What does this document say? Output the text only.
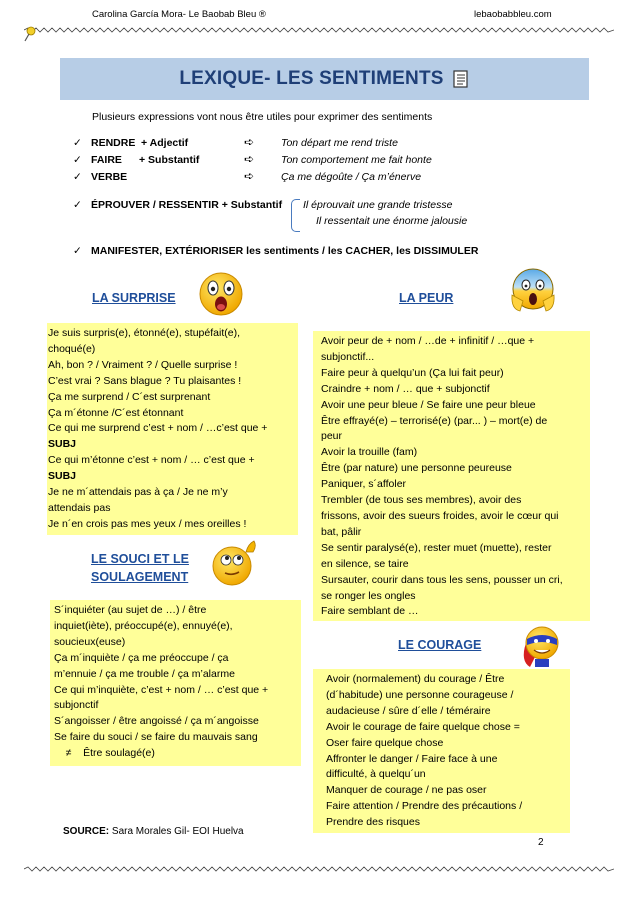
Carolina García Mora- Le Baobab Bleu ®	lebaobabbleu.com
LEXIQUE- LES SENTIMENTS
Plusieurs expressions vont nous être utiles pour exprimer des sentiments
✓ RENDRE + Adjectif
✓ FAIRE + Substantif
✓ VERBE
➪
➪
➪
Ton départ me rend triste
Ton comportement me fait honte
Ça me dégoûte / Ça m’énerve
✓ ÉPROUVER / RESSENTIR + Substantif Il éprouvait une grande tristesse
Il ressentait une énorme jalousie
✓ MANIFESTER, EXTÉRIORISER les sentiments / les CACHER, les DISSIMULER
LA SURPRISE
Je suis surpris(e), étonné(e), stupéfait(e),
choqué(e)
Ah, bon ? / Vraiment ? / Quelle surprise !
C’est vrai ? Sans blague ? Tu plaisantes !
Ça me surprend / C´est surprenant
Ça m´étonne /C´est étonnant
Ce qui me surprend c’est + nom / …c’est que +
SUBJ
Ce qui m’étonne c’est + nom / … c’est que +
SUBJ
Je ne m´attendais pas à ça / Je ne m’y
attendais pas
Je n´en crois pas mes yeux / mes oreilles !
LA PEUR
Avoir peur de + nom / …de + infinitif / …que +
subjonctif...
Faire peur à quelqu’un (Ça lui fait peur)
Craindre + nom / … que + subjonctif
Avoir une peur bleue / Se faire une peur bleue
Être effrayé(e) – terrorisé(e) (par... ) – mort(e) de
peur
Avoir la trouille (fam)
Être (par nature) une personne peureuse
Paniquer, s´affoler
Trembler (de tous ses membres), avoir des
frissons, avoir des sueurs froides, avoir le cœur qui
bat, pâlir
Se sentir paralysé(e), rester muet (muette), rester
en silence, se taire
Sursauter, courir dans tous les sens, pousser un cri,
se ronger les ongles
Faire semblant de …
LE SOUCI ET LE
SOULAGEMENT
S´inquiéter (au sujet de …) / être
inquiet(iète), préoccupé(e), ennuyé(e),
soucieux(euse)
Ça m´inquiète / ça me préoccupe / ça
m’ennuie / ça me trouble / ça m’alarme
Ce qui m’inquiète, c’est + nom / … c’est que +
subjonctif
S´angoisser / être angoissé / ça m´angoisse
Se faire du souci / se faire du mauvais sang
≠    Être soulagé(e)
LE COURAGE
Avoir (normalement) du courage / Être
(d´habitude) une personne courageuse /
audacieuse / sûre d´elle / téméraire
Avoir le courage de faire quelque chose =
Oser faire quelque chose
Affronter le danger / Faire face à une
difficulté, à quelqu´un
Manquer de courage / ne pas oser
Faire attention / Prendre des précautions /
Prendre des risques
SOURCE: Sara Morales Gil- EOI Huelva
2
